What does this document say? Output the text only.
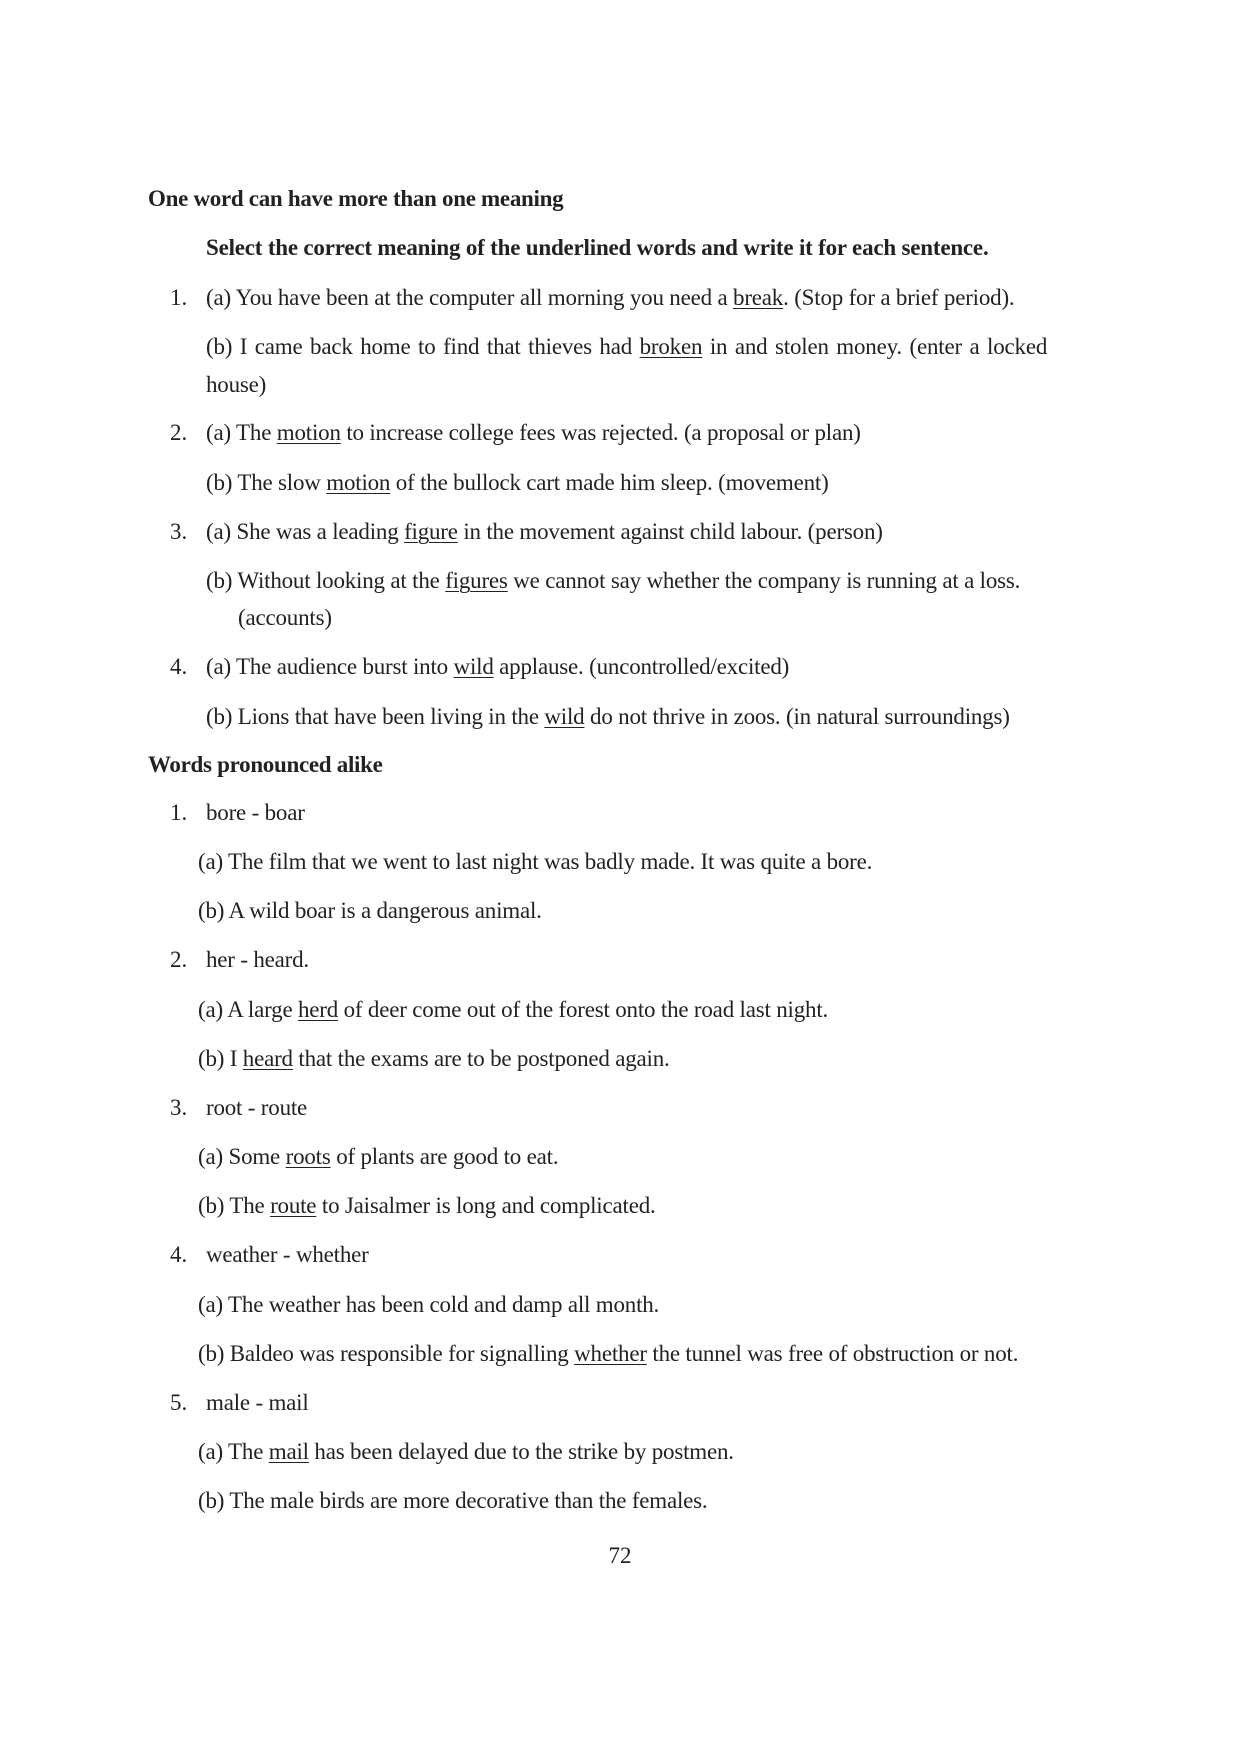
One word can have more than one meaning
Select the correct meaning of the underlined words and write it for each sentence.
1. (a) You have been at the computer all morning you need a break. (Stop for a brief period).
(b) I came back home to find that thieves had broken in and stolen money. (enter a locked
house)
2. (a) The motion to increase college fees was rejected. (a proposal or plan)
(b) The slow motion of the bullock cart made him sleep. (movement)
3. (a) She was a leading figure in the movement against child labour. (person)
(b) Without looking at the figures we cannot say whether the company is running at a loss.
(accounts)
4. (a) The audience burst into wild applause. (uncontrolled/excited)
(b) Lions that have been living in the wild do not thrive in zoos. (in natural surroundings)
Words pronounced alike
1. bore - boar
(a) The film that we went to last night was badly made. It was quite a bore.
(b) A wild boar is a dangerous animal.
2. her - heard.
(a) A large herd of deer come out of the forest onto the road last night.
(b) I heard that the exams are to be postponed again.
3. root - route
(a) Some roots of plants are good to eat.
(b) The route to Jaisalmer is long and complicated.
4. weather - whether
(a) The weather has been cold and damp all month.
(b) Baldeo was responsible for signalling whether the tunnel was free of obstruction or not.
5. male - mail
(a) The mail has been delayed due to the strike by postmen.
(b) The male birds are more decorative than the females.
72
